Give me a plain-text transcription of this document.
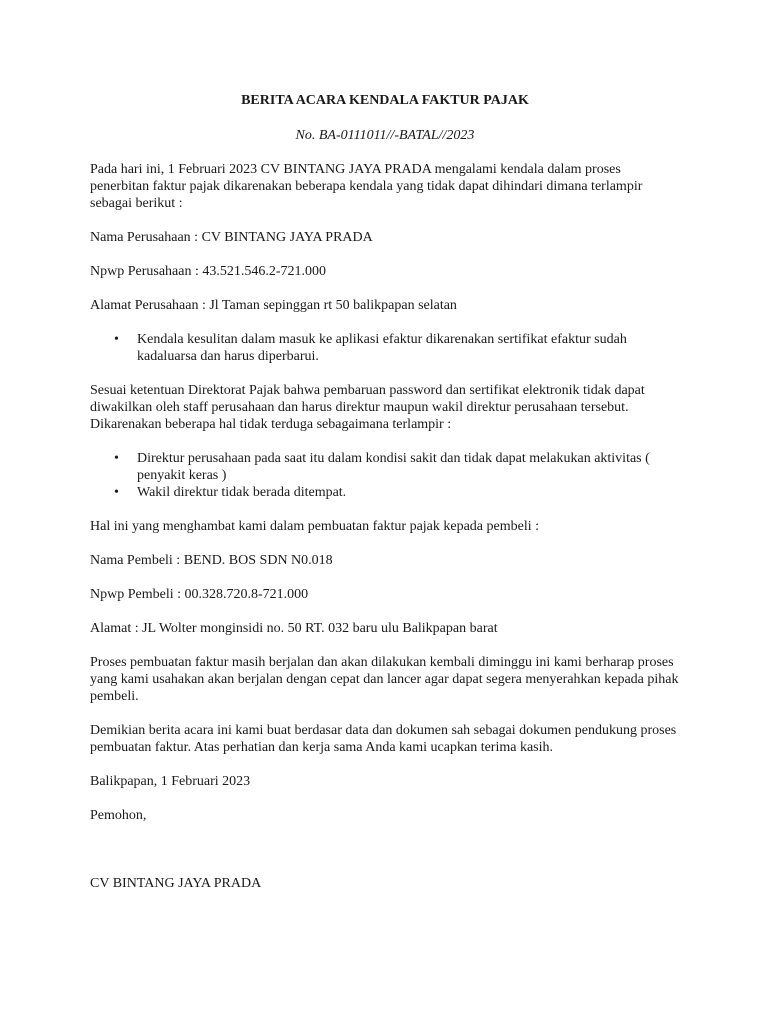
BERITA ACARA KENDALA FAKTUR PAJAK

No. BA-0111011//-BATAL//2023

Pada hari ini, 1 Februari 2023 CV BINTANG JAYA PRADA mengalami kendala dalam proses penerbitan faktur pajak dikarenakan beberapa kendala yang tidak dapat dihindari dimana terlampir sebagai berikut :

Nama Perusahaan : CV BINTANG JAYA PRADA

Npwp Perusahaan : 43.521.546.2-721.000

Alamat Perusahaan : Jl Taman sepinggan rt 50 balikpapan selatan

• Kendala kesulitan dalam masuk ke aplikasi efaktur dikarenakan sertifikat efaktur sudah kadaluarsa dan harus diperbarui.

Sesuai ketentuan Direktorat Pajak bahwa pembaruan password dan sertifikat elektronik tidak dapat diwakilkan oleh staff perusahaan dan harus direktur maupun wakil direktur perusahaan tersebut. Dikarenakan beberapa hal tidak terduga sebagaimana terlampir :

• Direktur perusahaan pada saat itu dalam kondisi sakit dan tidak dapat melakukan aktivitas ( penyakit keras )
• Wakil direktur tidak berada ditempat.

Hal ini yang menghambat kami dalam pembuatan faktur pajak kepada pembeli :

Nama Pembeli : BEND. BOS SDN N0.018

Npwp Pembeli : 00.328.720.8-721.000

Alamat : JL Wolter monginsidi no. 50 RT. 032 baru ulu Balikpapan barat

Proses pembuatan faktur masih berjalan dan akan dilakukan kembali diminggu ini kami berharap proses yang kami usahakan akan berjalan dengan cepat dan lancer agar dapat segera menyerahkan kepada pihak pembeli.

Demikian berita acara ini kami buat berdasar data dan dokumen sah sebagai dokumen pendukung proses pembuatan faktur. Atas perhatian dan kerja sama Anda kami ucapkan terima kasih.

Balikpapan, 1 Februari 2023

Pemohon,

CV BINTANG JAYA PRADA
